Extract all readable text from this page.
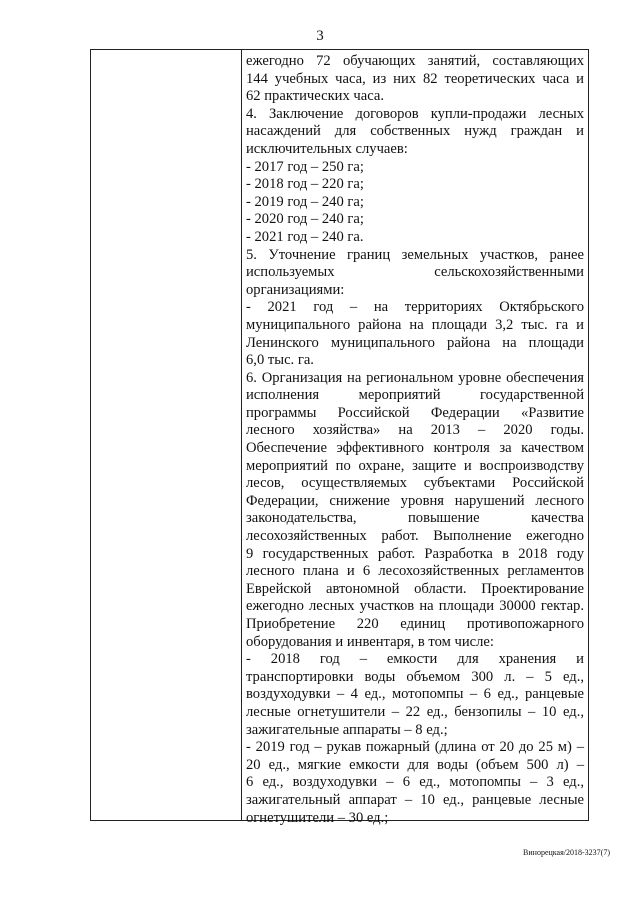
3
ежегодно 72 обучающих занятий, составляющих
144 учебных часа, из них 82 теоретических часа и
62 практических часа.
4. Заключение договоров купли-продажи лесных
насаждений для собственных нужд граждан и
исключительных случаев:
- 2017 год – 250 га;
- 2018 год – 220 га;
- 2019 год – 240 га;
- 2020 год – 240 га;
- 2021 год – 240 га.
5. Уточнение границ земельных участков, ранее
используемых сельскохозяйственными
организациями:
- 2021 год – на территориях Октябрьского
муниципального района на площади 3,2 тыс. га и
Ленинского муниципального района на площади
6,0 тыс. га.
6. Организация на региональном уровне обеспечения
исполнения мероприятий государственной
программы Российской Федерации «Развитие
лесного хозяйства» на 2013 – 2020 годы.
Обеспечение эффективного контроля за качеством
мероприятий по охране, защите и воспроизводству
лесов, осуществляемых субъектами Российской
Федерации, снижение уровня нарушений лесного
законодательства, повышение качества
лесохозяйственных работ. Выполнение ежегодно
9 государственных работ. Разработка в 2018 году
лесного плана и 6 лесохозяйственных регламентов
Еврейской автономной области. Проектирование
ежегодно лесных участков на площади 30000 гектар.
Приобретение 220 единиц противопожарного
оборудования и инвентаря, в том числе:
- 2018 год – емкости для хранения и
транспортировки воды объемом 300 л. – 5 ед.,
воздуходувки – 4 ед., мотопомпы – 6 ед., ранцевые
лесные огнетушители – 22 ед., бензопилы – 10 ед.,
зажигательные аппараты – 8 ед.;
- 2019 год – рукав пожарный (длина от 20 до 25 м) –
20 ед., мягкие емкости для воды (объем 500 л) –
6 ед., воздуходувки – 6 ед., мотопомпы – 3 ед.,
зажигательный аппарат – 10 ед., ранцевые лесные
огнетушители – 30 ед.;
Винорецкая/2018-3237(7)
